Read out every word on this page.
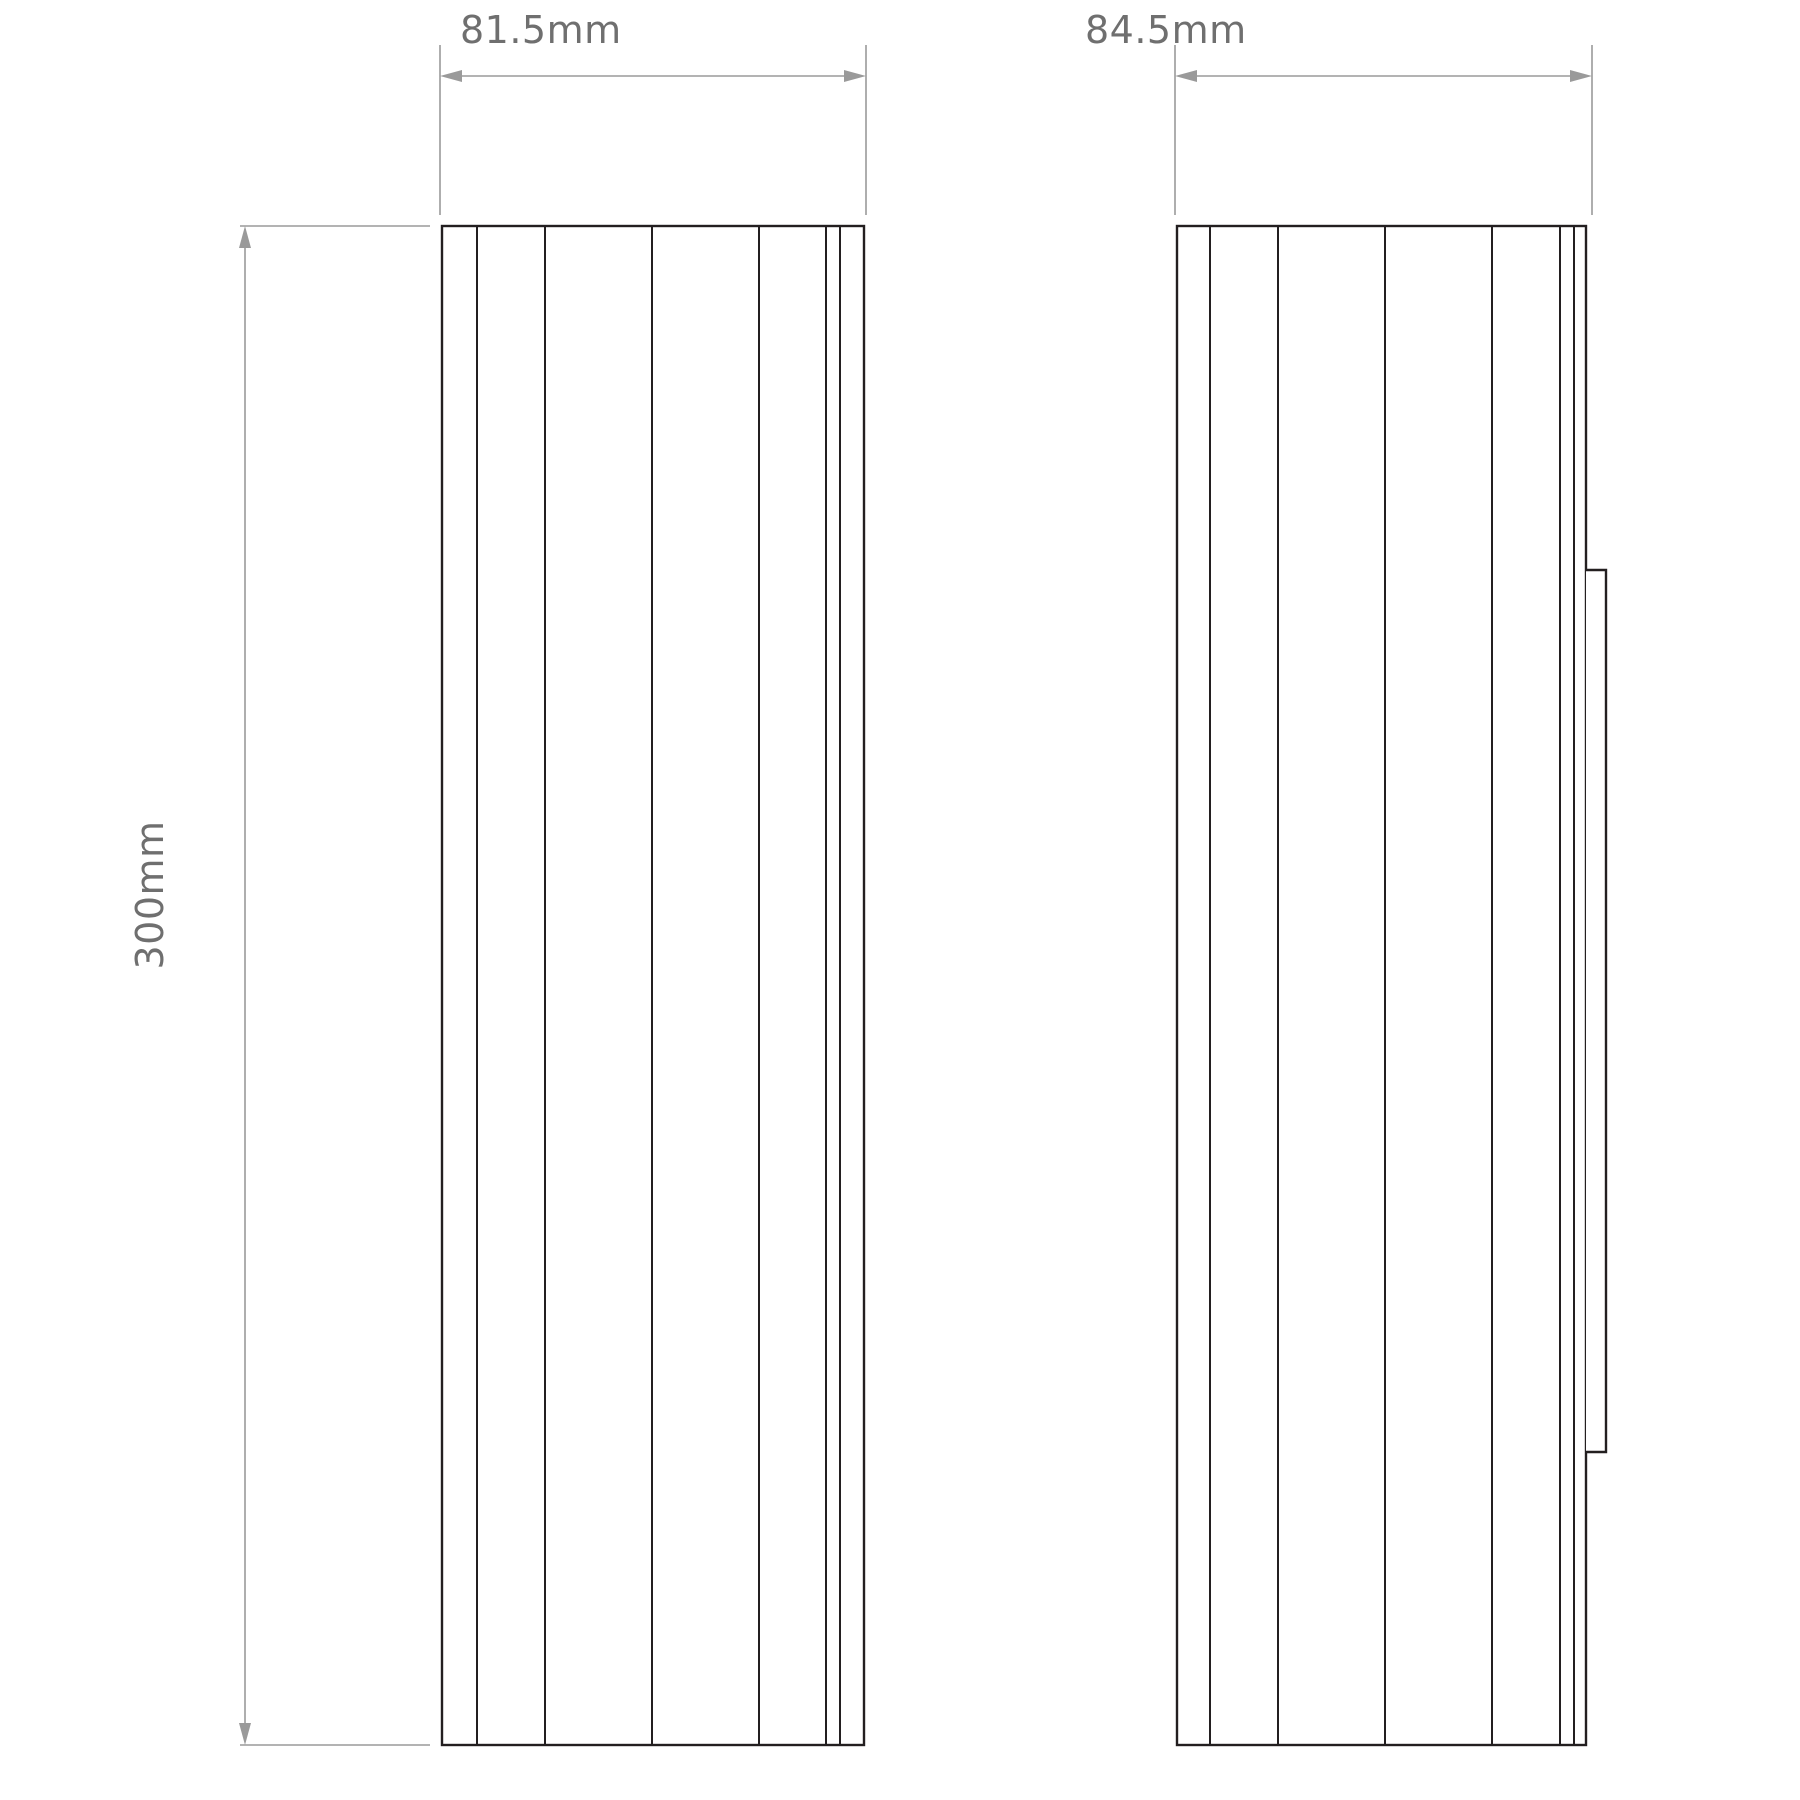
81.5mm	84.5mm
300mm
